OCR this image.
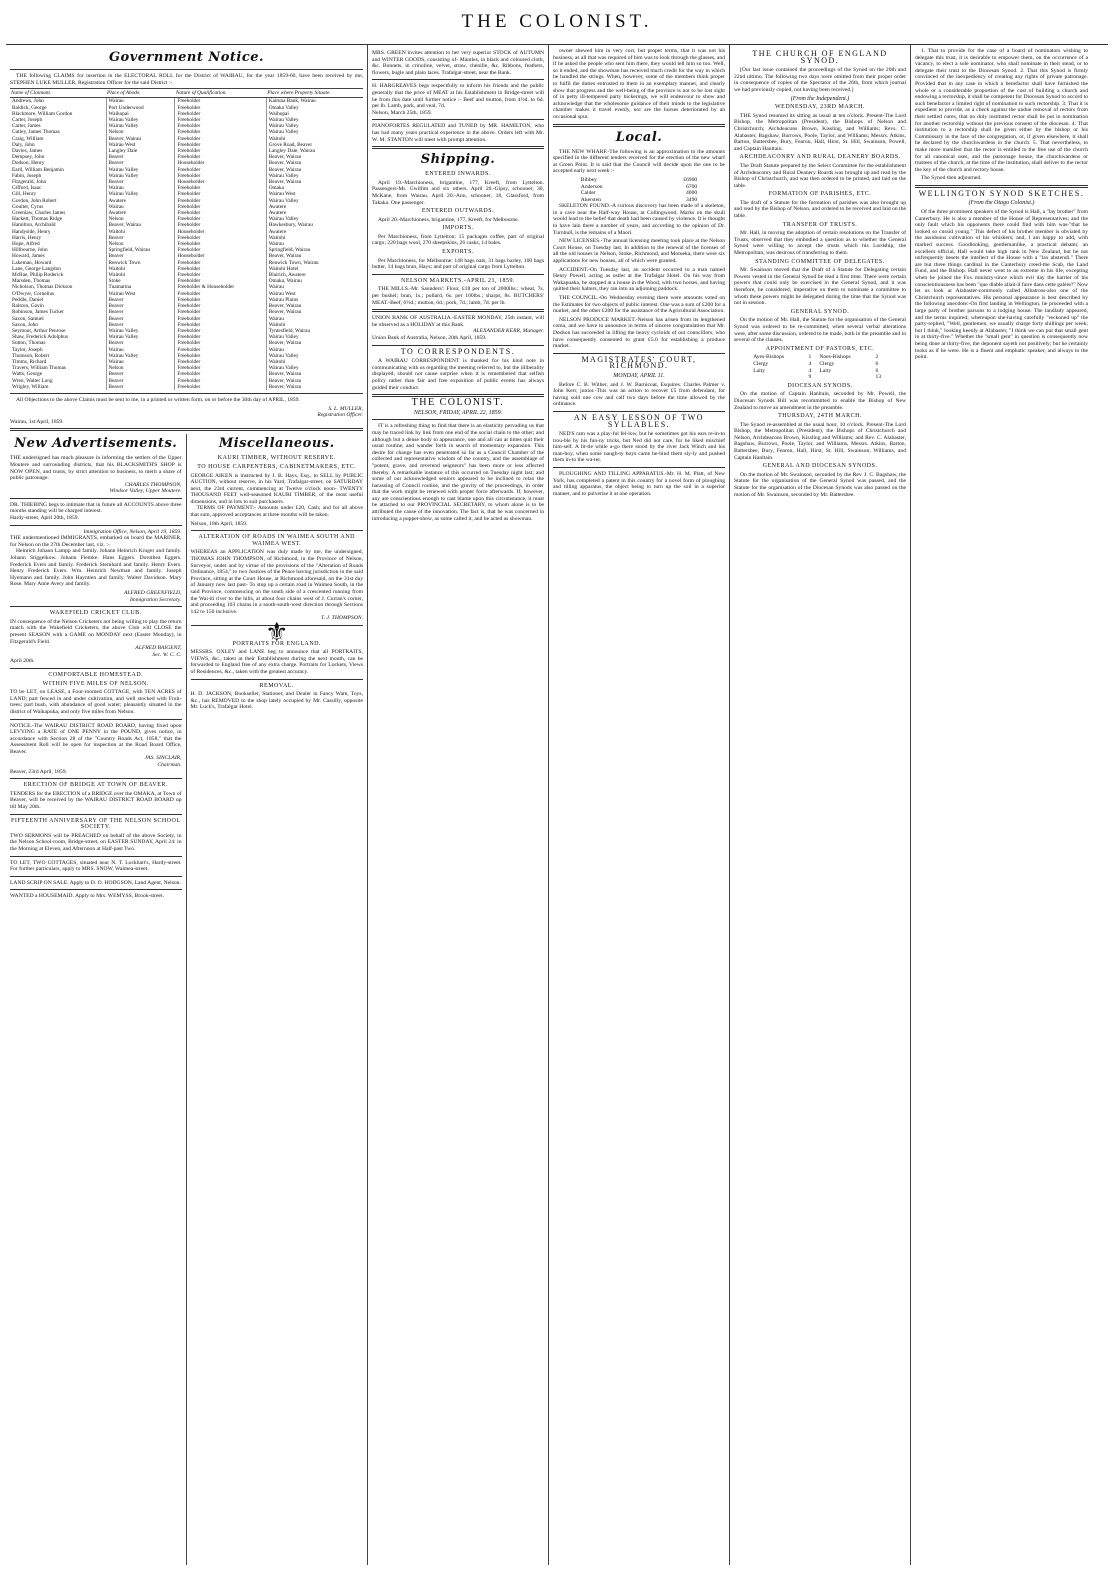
THE COLONIST.
Government Notice.
THE following CLAIMS for insertion in the ELECTORAL ROLL for the District of WAIRAU, for the year 1859-60, have been received by me, STEPHEN LUKE MULLER, Registration Officer for the said District :-
Name of Claimant.	Place of Abode.	Nature of Qualification.	Place where Property Situate.
Andrews, John	Wairau	Freeholder	Kaituna Bank, Wairau
Baldick, George	Port Underwood	Freeholder	Omaka Valley
Blackmore, William Gordon	Waihopai	Freeholder	Waihopai
Carter, Joseph	Wairau Valley	Freeholder	Wairau Valley
Carter, James	Wairau Valley	Freeholder	Wairau Valley
Cutley, James Thomas	Nelson	Freeholder	Wairau Valley
Craig, William	Beaver, Wairau	Freeholder	Waitohi
Daly, John	Wairau West	Freeholder	Grove Road, Beaver
Davies, James	Langley Dale	Freeholder	Langley Dale, Wairau
Dempsey, John	Beaver	Freeholder	Beaver, Wairau
Dodson, Henry	Beaver	Householder	Beaver, Wairau
Earll, William Benjamin	Wairau Valley	Freeholder	Beaver, Wairau
Fabin, Joseph	Wairau Valley	Freeholder	Wairau Valley
Fitzgerald, John	Beaver	Householder	Beaver, Wairau
Gifford, Isaac	Wairau	Freeholder	Omaka
Gill, Henry	Wairau Valley	Freeholder	Wairau West
Gordon, John Robert	Awatere	Freeholder	Wairau Valley
Goulter, Cyrus	Wairau	Freeholder	Awatere
Greenlaw, Charles James	Awatere	Freeholder	Awatere
Hackett, Thomas Ridge	Nelson	Freeholder	Wairau Valley
Hamilton, Archibald	Beaver, Wairau	Freeholder	Hawkesbury, Wairau
Handyside, Henry	Waitohi	Householder	Awatere
Harris, Henry	Beaver	Freeholder	Waitohi
Hope, Alfred	Nelson	Freeholder	Wairau
Hillbourne, John	Springfield, Wairau	Freeholder	Springfield, Wairau
Howard, James	Beaver	Householder	Beaver, Wairau
Lakeman, Howard	Renwick Town	Freeholder	Renwick Town, Wairau
Lane, George Langdon	Waitohi	Freeholder	Waitohi Hotel
McRae, Philip Roderick	Waitohi	Freeholder	Blairich, Awatere
Marsden, Thomas	Stoke	Freeholder	Omaka, Wairau
Nicholson, Thomas Dickson	Tuamarina	Freeholder & Householder	Wairau
O'Dwyer, Cornelius	Wairau West	Freeholder	Wairau West
Peddle, Daniel	Beaver	Freeholder	Wairau Plains
Ralston, Gavin	Beaver	Freeholder	Beaver, Wairau
Robinson, James Tucker	Beaver	Freeholder	Beaver, Wairau
Saxon, Samuel	Beaver	Freeholder	Wairau
Saxon, John	Beaver	Freeholder	Waitohi
Seymour, Arthur Penrose	Wairau Valley	Freeholder	Tyntesfield, Wairau
Shaw, Frederick Adolphus	Wairau Valley	Freeholder	Wairau Valley
Sutton, Thomas	Beaver	Freeholder	Beaver, Wairau
Taylor, Joseph	Wairau	Freeholder	Wairau
Thomson, Robert	Wairau Valley	Freeholder	Wairau Valley
Timms, Richard	Wairau	Freeholder	Waitohi
Travers, William Thomas	Nelson	Freeholder	Wairau Valley
Watts, George	Beaver	Freeholder	Beaver, Wairau
Wren, Walter Long	Beaver	Freeholder	Beaver, Wairau
Wrigley, William	Beaver	Freeholder	Beaver, Wairau
All Objections to the above Claims must be sent to me, in a printed or written form, on or before the 30th day of APRIL, 1859.
S. L. MULLER,
Registration Officer.
Wairau, 1st April, 1859.
New Advertisements.
THE undersigned has much pleasure in informing the settlers of the Upper Moutere and surrounding districts, that his BLACKSMITH'S SHOP is NOW OPEN, and trusts, by strict attention to business, to merit a share of public patronage.
CHARLES THOMPSON,
Windsor Valley, Upper Moutere.
DR. THIEBING begs to intimate that in future all ACCOUNTS above three months standing will be charged interest.
Hardy-street, April 20th, 1859.
Immigration Office, Nelson, April 19, 1859.
THE undermentioned IMMIGRANTS, embarked on board the MARINER, for Nelson on the 27th December last, viz. :-
Heinrich Johann Lampp and family. Johann Heinrich Kruger and family. Johann Stiggelkow. Johann Flemke. Hans Eggers. Dorothea Eggers. Frederick Evers and family. Frederick Sternhard and family. Henry Evers. Henry Frederick Evers. Wm. Heinrich Newman and family. Joseph Hyemann and family. John Hayntien and family. Walter Davidson. Mary Rose. Mary Anne Avery and family.
ALFRED GREENFIELD,
Immigration Secretary.
WAKEFIELD CRICKET CLUB.
IN consequence of the Nelson Cricketers not being willing to play the return match with the Wakefield Cricketers, the above Club will CLOSE the present SEASON with a GAME on MONDAY next (Easter Monday), in Fitzgerald's Field.
ALFRED BAIGENT,
Sec. W. C. C.
April 20th.
COMFORTABLE HOMESTEAD.
WITHIN FIVE MILES OF NELSON.
TO be LET, on LEASE, a Four-roomed COTTAGE, with TEN ACRES of LAND; part fenced in and under cultivation, and well stocked with Fruit-trees; part bush, with abundance of good water; pleasantly situated in the district of Waikapuka, and only five miles from Nelson.
NOTICE.-The WAIRAU DISTRICT ROAD BOARD, having fixed upon LEVYING a RATE of ONE PENNY in the POUND, gives notice, in accordance with Section 28 of the "Country Roads Act, 1858," that the Assessment Roll will be open for inspection at the Road Board Office, Beaver.
JAS. SINCLAIR,
Chairman.
Beaver, 23rd April, 1859.
ERECTION OF BRIDGE AT TOWN OF BEAVER.
TENDERS for the ERECTION of a BRIDGE over the OMAKA, at Town of Beaver, will be received by the WAIRAU DISTRICT ROAD BOARD up till May 20th.
FIFTEENTH ANNIVERSARY OF THE NELSON SCHOOL SOCIETY.
TWO SERMONS will be PREACHED on behalf of the above Society, in the Nelson School-room, Bridge-street, on EASTER SUNDAY, April 24: in the Morning at Eleven, and Afternoon at Half-past Two.
TO LET, TWO COTTAGES, situated near N. T. Lockhart's, Hardy-street. For further particulars, apply to MRS. SNOW, Waimea-street.
LAND SCRIP ON SALE. Apply to D. O. HODGSON, Land Agent, Nelson.
WANTED a HOUSEMAID. Apply to Mrs. WEMYSS, Brook-street.
Miscellaneous.
KAURI TIMBER, WITHOUT RESERVE.
TO HOUSE CARPENTERS, CABINETMAKERS, ETC.
GEORGE AIKEN is instructed by J. B. Hays, Esq., to SELL by PUBLIC AUCTION, without reserve, in his Yard, Trafalgar-street, on SATURDAY next, the 23rd current, commencing at Twelve o'clock noon- TWENTY THOUSAND FEET well-seasoned KAURI TIMBER, of the most useful dimensions, and in lots to suit purchasers.
TERMS OF PAYMENT:- Amounts under £20, Cash; and for all above that sum, approved acceptances at three months will be taken.
Nelson, 18th April, 1859.
ALTERATION OF ROADS IN WAIMEA SOUTH AND WAIMEA WEST.
WHEREAS an APPLICATION was duly made by me, the undersigned, THOMAS JOHN THOMPSON, of Richmond, in the Province of Nelson, Surveyor, under and by virtue of the provisions of the "Alteration of Roads Ordinance, 1854," to two Justices of the Peace having jurisdiction in the said Province, sitting at the Court House, at Richmond aforesaid, on the 31st day of January now last past- To stop up a certain road in Waimea South, in the said Province, commencing on the south side of a crescented running from the Wai-iti river to the hills, at about four chains west of J. Curran's corner, and proceeding 103 chains in a south-south-west direction through Sections 142 to 150 inclusive.
T. J. THOMPSON.
⚜
PORTRAITS FOR ENGLAND.
MESSRS. OXLEY and LANE beg to announce that all PORTRAITS, VIEWS, &c., taken at their Establishment during the next month, can be forwarded to England free of any extra charge. Portraits for Lockets, Views of Residences, &c., taken with the greatest accuracy.
REMOVAL.
H. D. JACKSON, Bookseller, Stationer, and Dealer in Fancy Ware, Toys, &c., has REMOVED to the shop lately occupied by Mr. Cassilly, opposite Mr. Luck's, Trafalgar Hotel.
MRS. GREEN invites attention to her very superior STOCK of AUTUMN and WINTER GOODS, consisting of- Mantles, in black and coloured cloth, &c. Bonnets, in crinoline, velvet, straw, chenille, &c. Ribbons, feathers, flowers, bugle and plain laces. Trafalgar-street, near the Bank.
H. HARGREAVES begs respectfully to inform his friends and the public generally that the price of MEAT at his Establishment in Bridge-street will be from this date until further notice :- Beef and mutton, from 4½d. to 6d. per lb. Lamb, pork, and veal, 7d.
Nelson, March 25th, 1859.
PIANOFORTES REGULATED and TUNED by MR. HAMILTON, who has had many years practical experience in the above. Orders left with Mr. W. M. STANTON will meet with prompt attention.
Shipping.
ENTERED INWARDS.
April 19.-Marchioness, brigantine, 177, Kreeft, from Lyttelton. Passengers-Mr. Gwillim and six others. April 20.-Gipsy, schooner, 30, McKane, from Wairau. April 20.-Ann, schooner, 18, Glassford, from Takaka. One passenger.
ENTERED OUTWARDS.
April 20.-Marchioness, brigantine, 177, Kreeft, for Melbourne.
IMPORTS.
Per Marchioness, from Lyttelton: 15 packages coffee, part of original cargo; 220 bags wool, 270 sheepskins, 26 casks, 14 bales.
EXPORTS.
Per Marchioness, for Melbourne: 148 bags oats, 31 bags barley, 100 bags butter, 14 bags bran, Hays; and part of original cargo from Lyttelton.
NELSON MARKETS.-APRIL 21, 1859.
THE MILLS.-Mr. Saunders': Flour, £18 per ton of 2000lbs.; wheat, 7s. per bushel; bran, 1s.; pollard, 6s. per 100lbs.; sharps, 8s. BUTCHERS' MEAT.-Beef, 6½d.; mutton, 6d.; pork, 7d.; lamb, 7d. per lb.
UNION BANK OF AUSTRALIA.-EASTER MONDAY, 25th instant, will be observed as a HOLIDAY at this Bank.
ALEXANDER KERR, Manager.
Union Bank of Australia, Nelson, 20th April, 1859.
TO CORRESPONDENTS.
A WAIRAU CORRESPONDENT is thanked for his kind note in communicating with us regarding the meeting referred to, but the illiberality displayed, should not cause surprise when it is remembered that selfish policy rather than fair and free exposition of public events has always guided their conduct.
THE COLONIST.
NELSON, FRIDAY, APRIL 22, 1859.
IT is a refreshing thing to find that there is an elasticity pervading us that may be traced link by link from one end of the social chain to the other; and although but a dense body to appearance, one and all can at times quit their usual routine, and wander forth in search of momentary expansion. This desire for change has even penetrated so far as a Council Chamber of the collected and representative wisdom of the country, and the assemblage of "potent, grave, and reverend seigneurs" has been more or less affected thereby. A remarkable instance of this occurred on Tuesday night last; and some of our acknowledged seniors appeared to be inclined to relax the harassing of Council routine, and the gravity of the proceedings, in order that the work might be renewed with proper force afterwards. If, however, any are conscientious enough to cast blame upon this circumstance, it must be attached to our PROVINCIAL SECRETARY, to whom alone is to be attributed the cause of the innovation. The fact is, that he was concerned in introducing a puppet-show, as some called it, and he acted as showman.
owner shewed him in very curt, but proper terms, that it was not his business, as all that was required of him was to look through the glasses, and if he asked the people who sent him there, they would tell him so too. Well, so it ended, and the showman has received much credit for the way in which he handled the strings. When, however, some of the members think proper to fulfil the duties entrusted to them in an exemplary manner, and clearly show that progress and the well-being of the province is not to be lost sight of in petty ill-tempered party bickerings, we will endeavour to show and acknowledge that the wholesome guidance of their minds to the legislative chamber makes it travel evenly, nor are the horses deteriorated by an occasional spur.
Local.
THE NEW WHARF.-The following is an approximation to the amounts specified in the different tenders received for the erection of the new wharf at Green Point. It is said that the Council will decide upon the one to be accepted early next week :-
Bibbey	£6900
Anderson	6700
Calder	4000
Akersten	3490
SKELETON FOUND.-A curious discovery has been made of a skeleton, in a cave near the Half-way House, at Collingwood. Marks on the skull would lead to the belief that death had been caused by violence. It is thought to have lain there a number of years, and according to the opinion of Dr. Turnbull, is the remains of a Maori.
NEW LICENSES.-The annual licensing meeting took place at the Nelson Court House, on Tuesday last. In addition to the renewal of the licenses of all the old houses in Nelson, Stoke, Richmond, and Motueka, there were six applications for new houses, all of which were granted.
ACCIDENT.-On Tuesday last, an accident occurred to a man named Henry Powell, acting as ostler at the Trafalgar Hotel. On his way from Wakapuaka, he stopped at a house in the Wood, with two horses, and having quitted their halters, they ran into an adjoining paddock.
THE COUNCIL.-On Wednesday evening there were amounts voted on the Estimates for two objects of public interest. One was a sum of £200 for a market, and the other £200 for the assistance of the Agricultural Association.
NELSON PRODUCE MARKET.-Nelson has arisen from its lengthened coma, and we have to announce in terms of sincere congratulation that Mr. Dodson has succeeded in lifting the heavy cycloids of our councillors, who have consequently consented to grant £5.0 for establishing a produce market.
MAGISTRATES' COURT, RICHMOND.
MONDAY, APRIL 11.
Before C. B. Wither, and J. W. Barnicoat, Esquires. Charles Palmer v. John Kerr, junior.-This was an action to recover £5 from defendant, for having sold one cow and calf two days before the time allowed by the ordinance.
AN EASY LESSON OF TWO SYLLABLES.
NED'S ram was a play-ful fel-low, but he sometimes got his ears re-in-to trou-ble by his fun-ny tricks, but Ned did not care, for he liked mischief him-self. A lit-tle while a-go there stood by the river Jack Winch and his man-boy, when some naugh-ty boys came be-hind them sly-ly and pushed them in-to the wa-ter.
PLOUGHING AND TILLING APPARATUS.-Mr. H. M. Platt, of New York, has completed a patent in this country for a novel form of ploughing and tilling apparatus, the object being to turn up the soil in a superior manner, and to pulverise it at one operation.
THE CHURCH OF ENGLAND SYNOD.
[Our last issue contained the proceedings of the Synod on the 20th and 22nd ultimo. The following two days were omitted from their proper order in consequence of copies of the Spectator of the 26th, from which journal we had previously copied, not having been received.]
(From the Independent.)
WEDNESDAY, 23RD MARCH.
THE Synod resumed its sitting as usual at ten o'clock. Present-The Lord Bishop, the Metropolitan (President), the Bishops of Nelson and Christchurch; Archdeacons Brown, Kissling, and Williams; Revs. C. Alabaster, Bagshaw, Burrows, Poole, Taylor, and Williams; Messrs. Atkins, Barton, Battersbee, Bury, Fearon, Hall, Hirst, St. Hill, Swainson, Powell, and Captain Hanltain.
ARCHDEACONRY AND RURAL DEANERY BOARDS.
The Draft Statute prepared by the Select Committee for the establishment of Archdeaconry and Rural Deanery Boards was brought up and read by the Bishop of Christchurch, and was then ordered to be printed, and laid on the table.
FORMATION OF PARISHES, ETC.
The draft of a Statute for the formation of parishes was also brought up and read by the Bishop of Nelson, and ordered to be received and laid on the table.
TRANSFER OF TRUSTS.
Mr. Hall, in moving the adoption of certain resolutions on the Transfer of Trusts, observed that they embodied a question as to whether the General Synod were willing to accept the trusts which his Lordship, the Metropolitan, was desirous of transferring to them.
STANDING COMMITTEE OF DELEGATES.
Mr. Swainson moved that the Draft of a Statute for Delegating certain Powers vested in the General Synod be read a first time. There were certain powers that could only be exercised in the General Synod, and it was therefore, he considered, imperative on them to nominate a committee to whom these powers might be delegated during the time that the Synod was not in session.
GENERAL SYNOD.
On the motion of Mr. Hall, the Statute for the organisation of the General Synod was ordered to be re-committed, when several verbal alterations were, after some discussion, ordered to be made, both in the preamble and in several of the clauses.
APPOINTMENT OF PASTORS, ETC.
Ayes-Bishops	1	Noes-Bishops	2
Clergy	4	Clergy	6
Laity	4	Laity	6
	9		13
DIOCESAN SYNODS.
On the motion of Captain Hanltain, seconded by Mr. Powell, the Diocesan Synods Bill was recommitted to enable the Bishop of New Zealand to move an amendment in the preamble.
THURSDAY, 24TH MARCH.
The Synod re-assembled at the usual hour, 10 o'clock. Present-The Lord Bishop, the Metropolitan (President), the Bishops of Christchurch and Nelson, Archdeacons Brown, Kissling and Williams; and Rev. C. Alabaster, Bagshaw, Burrows, Poole, Taylor, and Williams, Messrs. Atkins, Barton, Battersbee, Bury, Fearon, Hall, Hirst, St. Hill, Swainson, Williams, and Captain Hanltain.
GENERAL AND DIOCESAN SYNODS.
On the motion of Mr. Swainson, seconded by the Rev. J. C. Bagshaw, the Statute for the organisation of the General Synod was passed, and the Statute for the organisation of the Diocesan Synods was also passed on the motion of Mr. Swainson, seconded by Mr. Battersbee.
1. That to provide for the case of a board of nominators wishing to delegate this trust, it is desirable to empower them, on the occurrence of a vacancy, to elect a sole nominator, who shall nominate in their stead, or to delegate their trust to the Diocesan Synod. 2. That this Synod is firmly convinced of the inexpediency of creating any rights of private patronage. Provided that in any case in which a benefactor shall have furnished the whole or a considerable proportion of the cost of building a church and endowing a rectorship, it shall be competent for Diocesan Synod to accord to such benefactor a limited right of nomination to such rectorship. 3. That it is expedient to provide, as a check against the undue removal of rectors from their settled cures, that no duly instituted rector shall be put in nomination for another rectorship without the previous consent of the diocesan. 4. That institution to a rectorship shall be given either by the bishop or his Commissary in the face of the congregation, or, if given elsewhere, it shall be declared by the churchwardens in the church. 5. That nevertheless, to make more manifest that the rector is entitled to the free use of the church for all canonical uses, and the parsonage house, the churchwardens or trustees of the church, at the time of the institution, shall deliver to the rector the key of the church and rectory house.
The Synod then adjourned.
WELLINGTON SYNOD SKETCHES.
(From the Otago Colonist.)
Of the three prominent speakers of the Synod is Hall, a "lay brother" from Canterbury. He is also a member of the House of Representatives; and the only fault which his opponents there could find with him was-"that he looked so cussid young." This defect of his brother member is obviated by the assiduous cultivation of his whiskers; and, I am happy to add, with marked success. Goodlooking, gentlemanlike, a practical debater, an excellent official, Hall would take high rank in New Zealand, but he not unfrequently besets the intellect of the House with a "lax abstendi." There are but three things cardinal in the Canterbury creed-the Scab, the Land Fund, and the Bishop. Hall never went to an extreme in his life, excepting when he joined the Fox ministry-since which evil day the harrier of his conscientiousness has been "que diable allait-il faire dans cette galère?" Now let us look at Alabaster-commonly called Albatross-also one of the Christchurch representatives. His personal appearance is best described by the following anecdote:-On first landing in Wellington, he proceeded with a large party of brother parsons to a lodging house. The landlady appeared, and the terms inquired; whereupon she-having carefully "reckoned up" the party-replied, "Well, gentlemen, we usually charge forty shillings per week; but I think," looking keenly at Alabaster, "I think we can put that small gent in at thirty-five." Whether the "small gent" in question is consequently now being done at thirty-five, the deponent sayeth not positively; but he certainly looks as if he were. He is a fluent and emphatic speaker, and always to the point.
